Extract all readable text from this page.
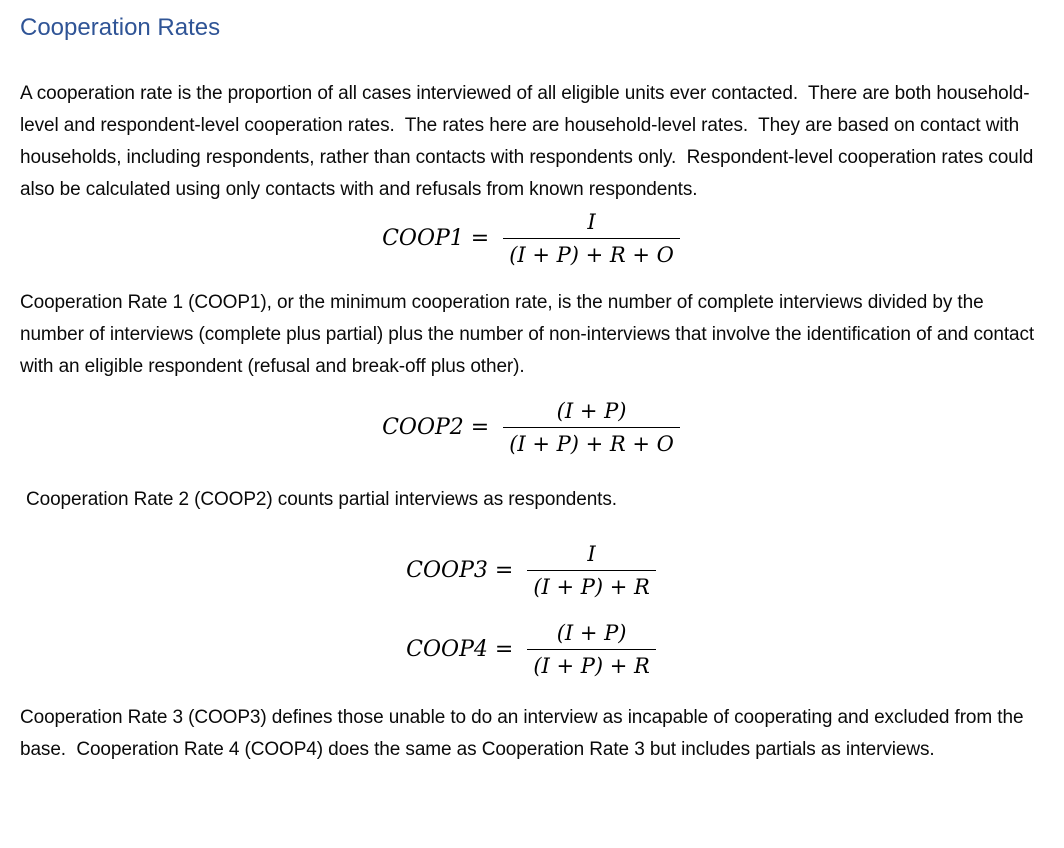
Cooperation Rates

A cooperation rate is the proportion of all cases interviewed of all eligible units ever contacted.  There are both household-level and respondent-level cooperation rates.  The rates here are household-level rates.  They are based on contact with households, including respondents, rather than contacts with respondents only.  Respondent-level cooperation rates could also be calculated using only contacts with and refusals from known respondents.

COOP1 = $\frac{I}{(I + P) + R + O}$

Cooperation Rate 1 (COOP1), or the minimum cooperation rate, is the number of complete interviews divided by the number of interviews (complete plus partial) plus the number of non-interviews that involve the identification of and contact with an eligible respondent (refusal and break-off plus other).

COOP2 = $\frac{(I + P)}{(I + P) + R + O}$

Cooperation Rate 2 (COOP2) counts partial interviews as respondents.

COOP3 = $\frac{I}{(I + P) + R}$
COOP4 = $\frac{(I + P)}{(I + P) + R}$

Cooperation Rate 3 (COOP3) defines those unable to do an interview as incapable of cooperating and excluded from the base.  Cooperation Rate 4 (COOP4) does the same as Cooperation Rate 3 but includes partials as interviews.
